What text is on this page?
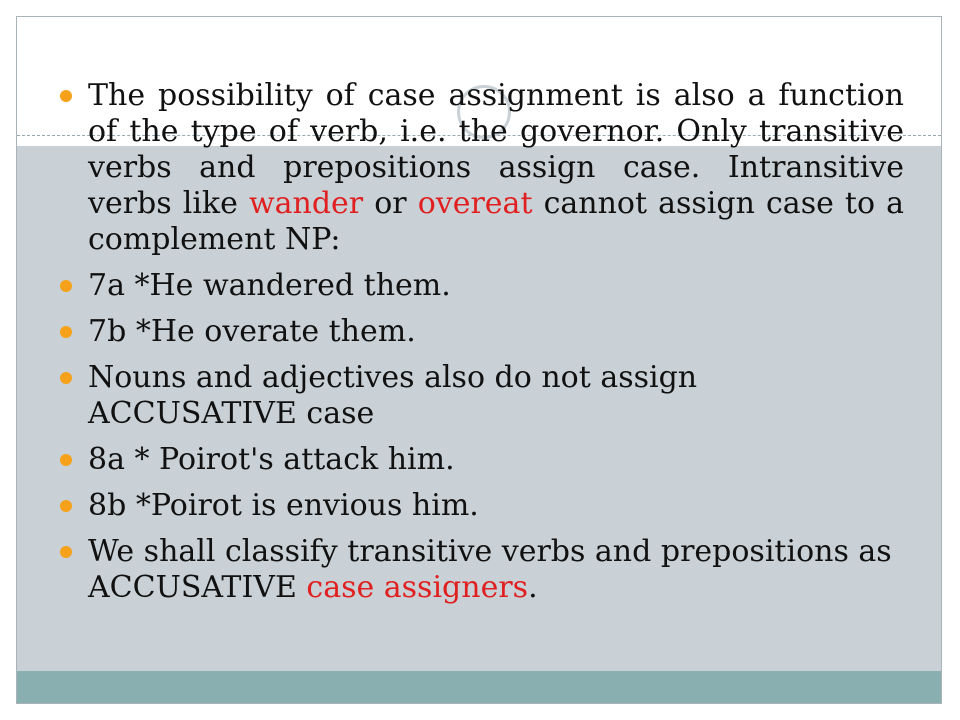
The possibility of case assignment is also a function of the type of verb, i.e. the governor. Only transitive verbs and prepositions assign case. Intransitive verbs like wander or overeat cannot assign case to a complement NP:
7a *He wandered them.
7b *He overate them.
Nouns and adjectives also do not assign ACCUSATIVE case
8a * Poirot's attack him.
8b *Poirot is envious him.
We shall classify transitive verbs and prepositions as ACCUSATIVE case assigners.
